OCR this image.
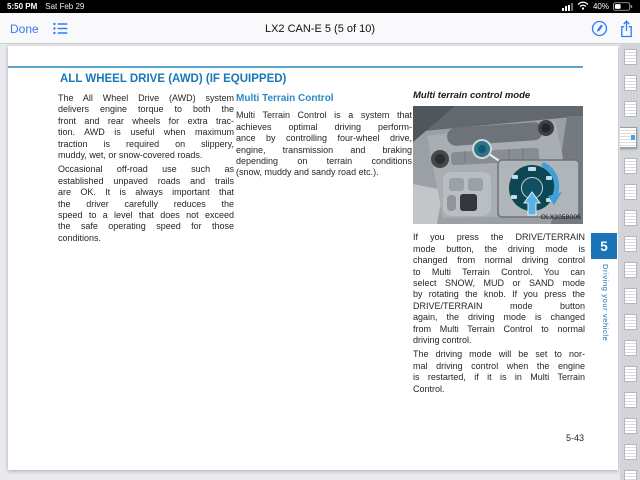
5:50 PM Sat Feb 29	40%
Done	LX2 CAN-E 5 (5 of 10)
ALL WHEEL DRIVE (AWD) (IF EQUIPPED)
The All Wheel Drive (AWD) system
delivers engine torque to both the
front and rear wheels for extra trac-
tion. AWD is useful when maximum
traction is required on slippery,
muddy, wet, or snow-covered roads.
Occasional off-road use such as
established unpaved roads and trails
are OK. It is always important that
the driver carefully reduces the
speed to a level that does not exceed
the safe operating speed for those
conditions.
Multi Terrain Control
Multi Terrain Control is a system that
achieves optimal driving perform-
ance by controlling four-wheel drive,
engine, transmission and braking
depending on terrain conditions
(snow, muddy and sandy road etc.).
Multi terrain control mode
OLX2058006
If you press the DRIVE/TERRAIN
mode button, the driving mode is
changed from normal driving control
to Multi Terrain Control. You can
select SNOW, MUD or SAND mode
by rotating the knob. If you press the
DRIVE/TERRAIN mode button
again, the driving mode is changed
from Multi Terrain Control to normal
driving control.
The driving mode will be set to nor-
mal driving control when the engine
is restarted, if it is in Multi Terrain
Control.
5-43
5
Driving your vehicle
